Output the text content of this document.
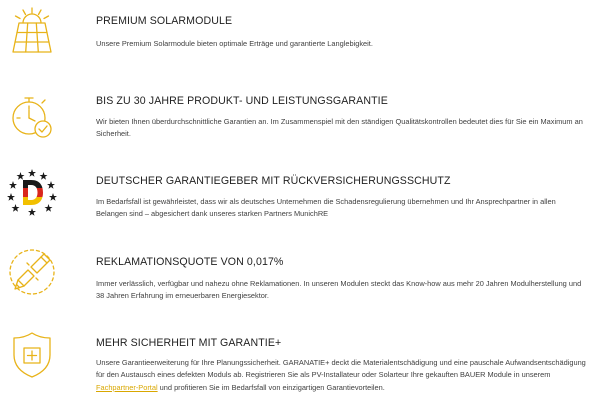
PREMIUM SOLARMODULE
Unsere Premium Solarmodule bieten optimale Erträge und garantierte Langlebigkeit.
BIS ZU 30 JAHRE PRODUKT- UND LEISTUNGSGARANTIE
Wir bieten Ihnen überdurchschnittliche Garantien an. Im Zusammenspiel mit den ständigen Qualitätskontrollen bedeutet dies für Sie ein Maximum an Sicherheit.
DEUTSCHER GARANTIEGEBER MIT RÜCKVERSICHERUNGSSCHUTZ
Im Bedarfsfall ist gewährleistet, dass wir als deutsches Unternehmen die Schadensregulierung übernehmen und Ihr Ansprechpartner in allen Belangen sind – abgesichert dank unseres starken Partners MunichRE
REKLAMATIONSQUOTE VON 0,017%
Immer verlässlich, verfügbar und nahezu ohne Reklamationen. In unseren Modulen steckt das Know-how aus mehr 20 Jahren Modulherstellung und 38 Jahren Erfahrung im erneuerbaren Energiesektor.
MEHR SICHERHEIT MIT GARANTIE+
Unsere Garantieerweiterung für Ihre Planungssicherheit. GARANATIE+ deckt die Materialentschädigung und eine pauschale Aufwandsentschädigung für den Austausch eines defekten Moduls ab. Registrieren Sie als PV-Installateur oder Solarteur Ihre gekauften BAUER Module in unserem Fachpartner-Portal und profitieren Sie im Bedarfsfall von einzigartigen Garantievorteilen.
